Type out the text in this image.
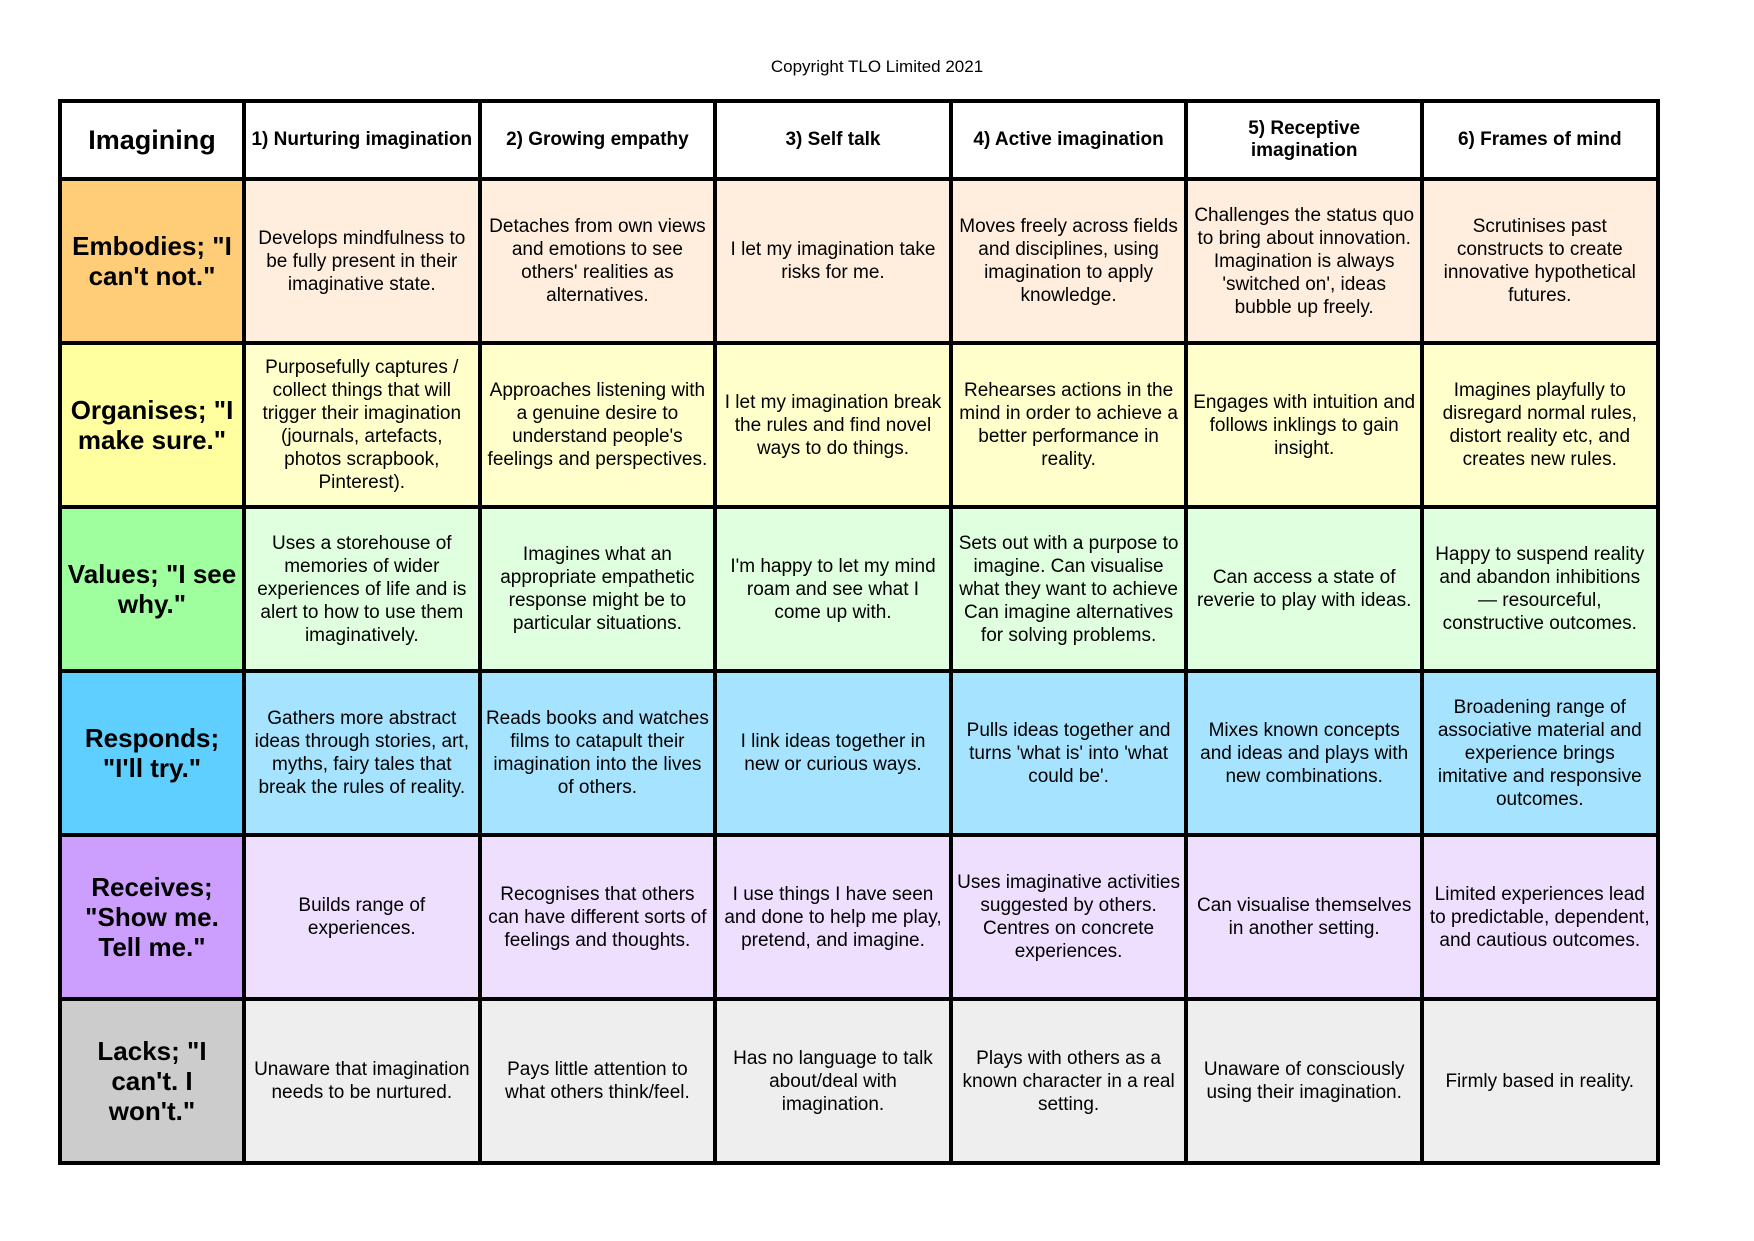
Copyright TLO Limited 2021
Imagining	1) Nurturing imagination	2) Growing empathy	3) Self talk	4) Active imagination	5) Receptive imagination	6) Frames of mind
Embodies; "I can't not."	Develops mindfulness to be fully present in their imaginative state.	Detaches from own views and emotions to see others' realities as alternatives.	I let my imagination take risks for me.	Moves freely across fields and disciplines, using imagination to apply knowledge.	Challenges the status quo to bring about innovation. Imagination is always 'switched on', ideas bubble up freely.	Scrutinises past constructs to create innovative hypothetical futures.
Organises; "I make sure."	Purposefully captures / collect things that will trigger their imagination (journals, artefacts, photos scrapbook, Pinterest).	Approaches listening with a genuine desire to understand people's feelings and perspectives.	I let my imagination break the rules and find novel ways to do things.	Rehearses actions in the mind in order to achieve a better performance in reality.	Engages with intuition and follows inklings to gain insight.	Imagines playfully to disregard normal rules, distort reality etc, and creates new rules.
Values; "I see why."	Uses a storehouse of memories of wider experiences of life and is alert to how to use them imaginatively.	Imagines what an appropriate empathetic response might be to particular situations.	I'm happy to let my mind roam and see what I come up with.	Sets out with a purpose to imagine. Can visualise what they want to achieve Can imagine alternatives for solving problems.	Can access a state of reverie to play with ideas.	Happy to suspend reality and abandon inhibitions — resourceful, constructive outcomes.
Responds; "I'll try."	Gathers more abstract ideas through stories, art, myths, fairy tales that break the rules of reality.	Reads books and watches films to catapult their imagination into the lives of others.	I link ideas together in new or curious ways.	Pulls ideas together and turns 'what is' into 'what could be'.	Mixes known concepts and ideas and plays with new combinations.	Broadening range of associative material and experience brings imitative and responsive outcomes.
Receives; "Show me. Tell me."	Builds range of experiences.	Recognises that others can have different sorts of feelings and thoughts.	I use things I have seen and done to help me play, pretend, and imagine.	Uses imaginative activities suggested by others. Centres on concrete experiences.	Can visualise themselves in another setting.	Limited experiences lead to predictable, dependent, and cautious outcomes.
Lacks; "I can't. I won't."	Unaware that imagination needs to be nurtured.	Pays little attention to what others think/feel.	Has no language to talk about/deal with imagination.	Plays with others as a known character in a real setting.	Unaware of consciously using their imagination.	Firmly based in reality.
